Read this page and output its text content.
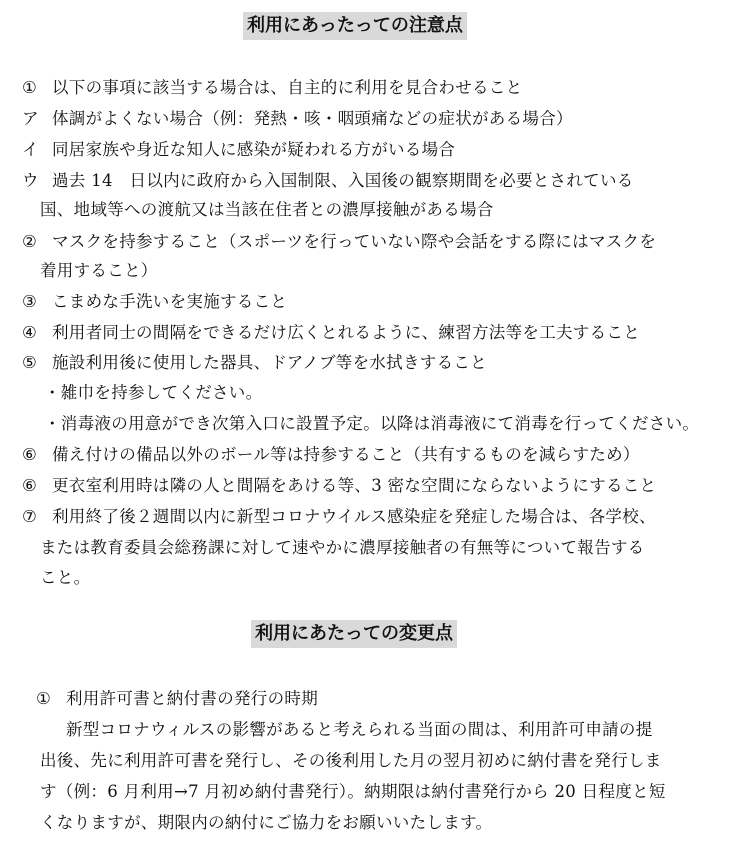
利用にあったっての注意点
① 以下の事項に該当する場合は、自主的に利用を見合わせること
ア 体調がよくない場合（例：発熱・咳・咽頭痛などの症状がある場合）
イ 同居家族や身近な知人に感染が疑われる方がいる場合
ウ 過去 14　日以内に政府から入国制限、入国後の観察期間を必要とされている
国、地域等への渡航又は当該在住者との濃厚接触がある場合
② マスクを持参すること（スポーツを行っていない際や会話をする際にはマスクを
着用すること）
③ こまめな手洗いを実施すること
④ 利用者同士の間隔をできるだけ広くとれるように、練習方法等を工夫すること
⑤ 施設利用後に使用した器具、ドアノブ等を水拭きすること
・雑巾を持参してください。
・消毒液の用意ができ次第入口に設置予定。以降は消毒液にて消毒を行ってください。
⑥ 備え付けの備品以外のボール等は持参すること（共有するものを減らすため）
⑥ 更衣室利用時は隣の人と間隔をあける等、3 密な空間にならないようにすること
⑦ 利用終了後２週間以内に新型コロナウイルス感染症を発症した場合は、各学校、
または教育委員会総務課に対して速やかに濃厚接触者の有無等について報告する
こと。
利用にあたっての変更点
① 利用許可書と納付書の発行の時期
新型コロナウィルスの影響があると考えられる当面の間は、利用許可申請の提
出後、先に利用許可書を発行し、その後利用した月の翌月初めに納付書を発行しま
す（例：6 月利用→7 月初め納付書発行）。納期限は納付書発行から 20 日程度と短
くなりますが、期限内の納付にご協力をお願いいたします。
